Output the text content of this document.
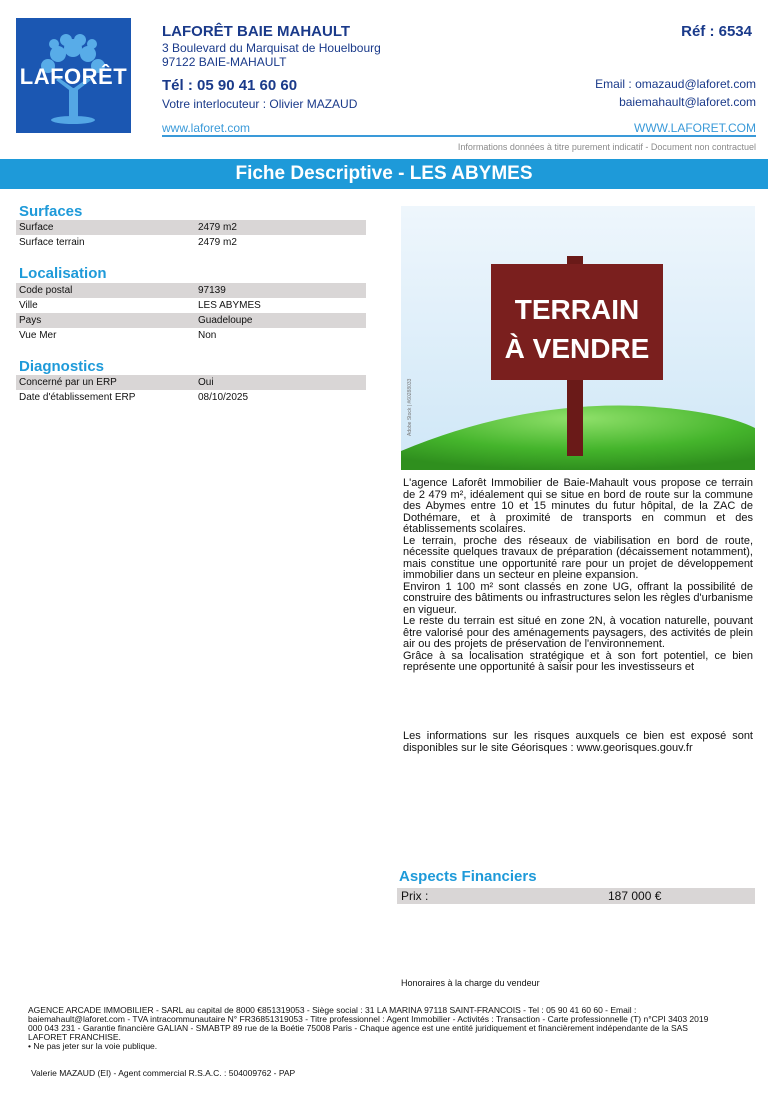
LAFORÊT
LAFORÊT BAIE MAHAULT
3 Boulevard du Marquisat de Houelbourg
97122 BAIE-MAHAULT
Tél : 05 90 41 60 60
Votre interlocuteur : Olivier MAZAUD
www.laforet.com
Réf : 6534
Email : omazaud@laforet.com
baiemahault@laforet.com
WWW.LAFORET.COM
Informations données à titre purement indicatif - Document non contractuel
Fiche Descriptive - LES ABYMES
Surfaces
Surface	2479 m2
Surface terrain	2479 m2
Localisation
Code postal	97139
Ville	LES ABYMES
Pays	Guadeloupe
Vue Mer	Non
Diagnostics
Concerné par un ERP	Oui
Date d'établissement ERP	08/10/2025
TERRAIN
À VENDRE
Adobe Stock | #60288033

L'agence Laforêt Immobilier de Baie-Mahault vous propose ce terrain de 2 479 m², idéalement qui se situe en bord de route sur la commune des Abymes entre 10 et 15 minutes du futur hôpital, de la ZAC de Dothémare, et à proximité de transports en commun et des établissements scolaires.

Le terrain, proche des réseaux de viabilisation en bord de route, nécessite quelques travaux de préparation (décaissement notamment), mais constitue une opportunité rare pour un projet de développement immobilier dans un secteur en pleine expansion.

Environ 1 100 m² sont classés en zone UG, offrant la possibilité de construire des bâtiments ou infrastructures selon les règles d'urbanisme en vigueur.

Le reste du terrain est situé en zone 2N, à vocation naturelle, pouvant être valorisé pour des aménagements paysagers, des activités de plein air ou des projets de préservation de l'environnement.

Grâce à sa localisation stratégique et à son fort potentiel, ce bien représente une opportunité à saisir pour les investisseurs et

Les informations sur les risques auxquels ce bien est exposé sont disponibles sur le site Géorisques : www.georisques.gouv.fr
Aspects Financiers
Prix :	187 000 €
Honoraires à la charge du vendeur
AGENCE ARCADE IMMOBILIER - SARL au capital de 8000 €851319053 - Siège social : 31 LA MARINA 97118 SAINT-FRANCOIS - Tel : 05 90 41 60 60 - Email :
baiemahault@laforet.com - TVA intracommunautaire N° FR36851319053 - Titre professionnel : Agent Immobilier - Activités : Transaction - Carte professionnelle (T) n°CPI 3403 2019
000 043 231 - Garantie financière GALIAN - SMABTP 89 rue de la Boétie 75008 Paris - Chaque agence est une entité juridiquement et financièrement indépendante de la SAS
LAFORET FRANCHISE.
• Ne pas jeter sur la voie publique.
Valerie MAZAUD (EI) - Agent commercial R.S.A.C. : 504009762 - PAP
